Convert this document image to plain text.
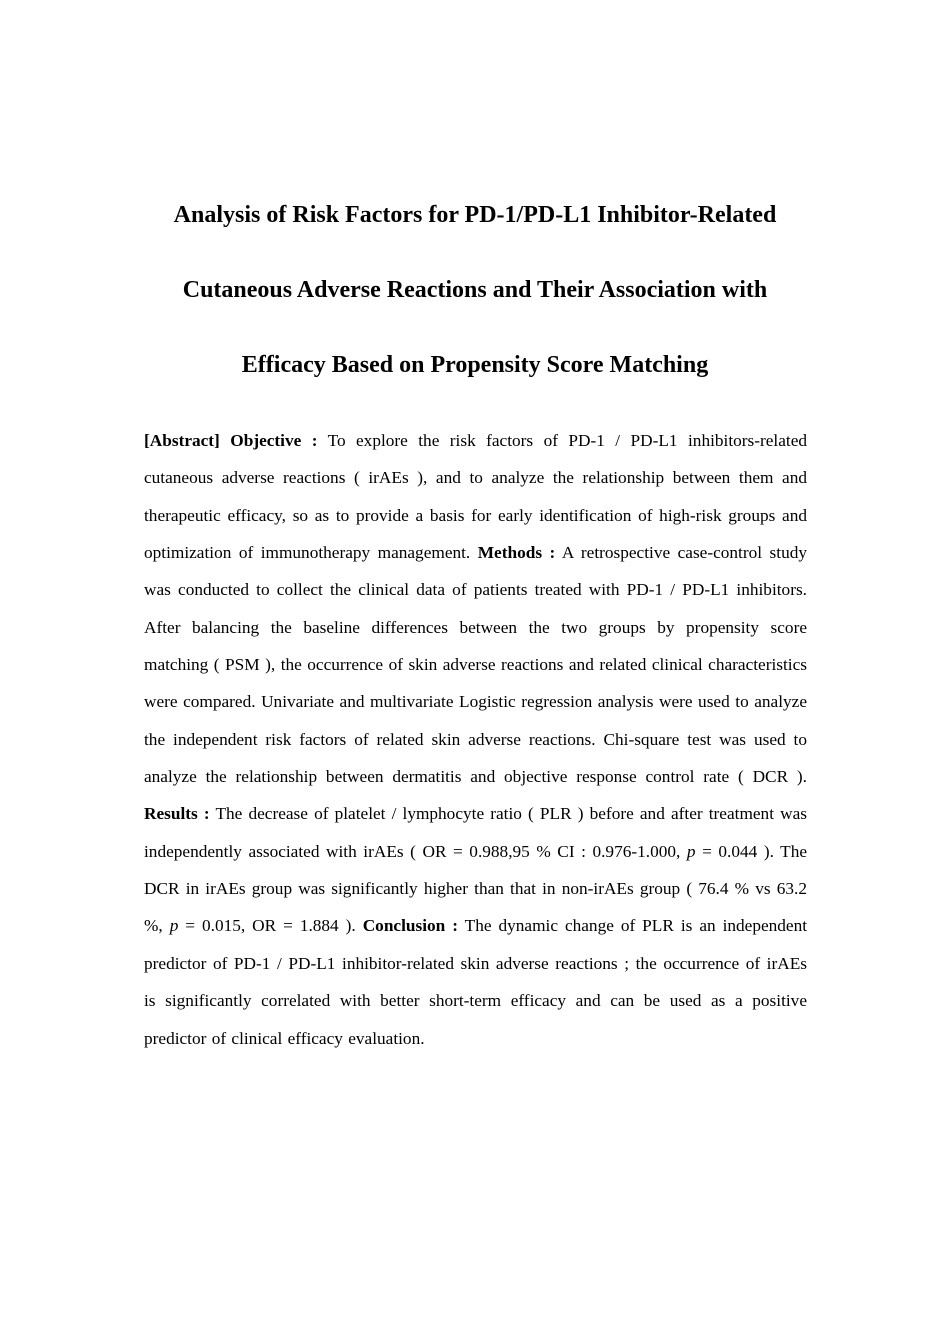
Analysis of Risk Factors for PD-1/PD-L1 Inhibitor-Related
Cutaneous Adverse Reactions and Their Association with
Efficacy Based on Propensity Score Matching

[Abstract] Objective : To explore the risk factors of PD-1 / PD-L1 inhibitors-related cutaneous adverse reactions ( irAEs ), and to analyze the relationship between them and therapeutic efficacy, so as to provide a basis for early identification of high-risk groups and optimization of immunotherapy management. Methods : A retrospective case-control study was conducted to collect the clinical data of patients treated with PD-1 / PD-L1 inhibitors. After balancing the baseline differences between the two groups by propensity score matching ( PSM ), the occurrence of skin adverse reactions and related clinical characteristics were compared. Univariate and multivariate Logistic regression analysis were used to analyze the independent risk factors of related skin adverse reactions. Chi-square test was used to analyze the relationship between dermatitis and objective response control rate ( DCR ). Results : The decrease of platelet / lymphocyte ratio ( PLR ) before and after treatment was independently associated with irAEs ( OR = 0.988,95 % CI : 0.976-1.000, p = 0.044 ). The DCR in irAEs group was significantly higher than that in non-irAEs group ( 76.4 % vs 63.2 %, p = 0.015, OR = 1.884 ). Conclusion : The dynamic change of PLR is an independent predictor of PD-1 / PD-L1 inhibitor-related skin adverse reactions ; the occurrence of irAEs is significantly correlated with better short-term efficacy and can be used as a positive predictor of clinical efficacy evaluation.
